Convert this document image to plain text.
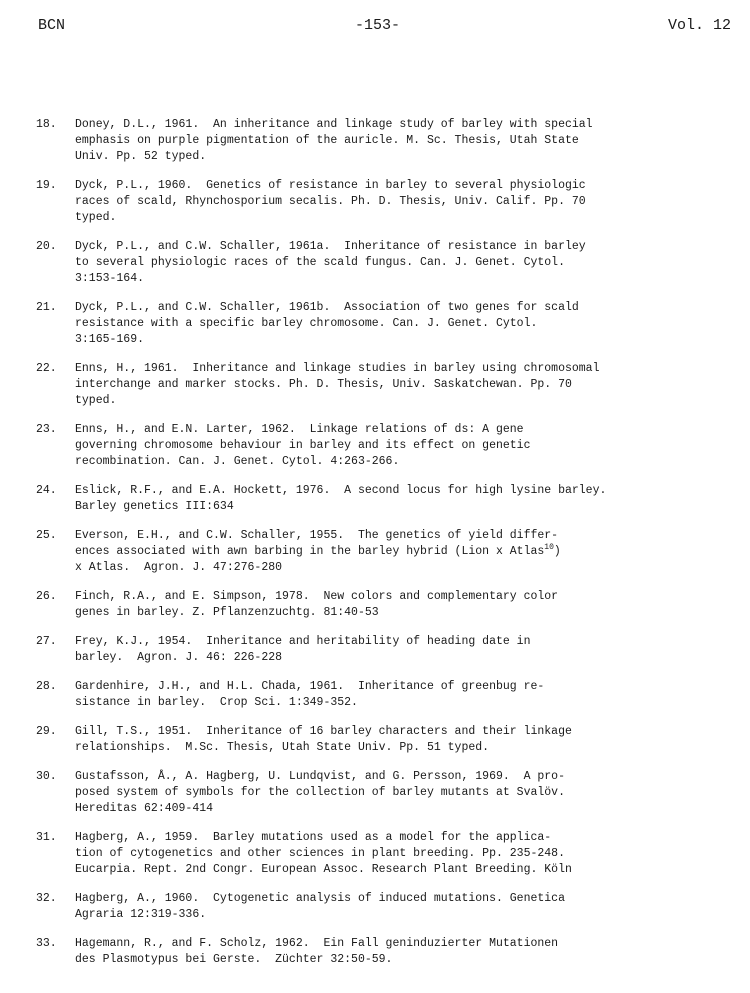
BCN	-153-	Vol. 12
18. Doney, D.L., 1961.  An inheritance and linkage study of barley with special
emphasis on purple pigmentation of the auricle. M. Sc. Thesis, Utah State
Univ. Pp. 52 typed.
19. Dyck, P.L., 1960.  Genetics of resistance in barley to several physiologic
races of scald, Rhynchosporium secalis. Ph. D. Thesis, Univ. Calif. Pp. 70
typed.
20. Dyck, P.L., and C.W. Schaller, 1961a.  Inheritance of resistance in barley
to several physiologic races of the scald fungus. Can. J. Genet. Cytol.
3:153-164.
21. Dyck, P.L., and C.W. Schaller, 1961b.  Association of two genes for scald
resistance with a specific barley chromosome. Can. J. Genet. Cytol.
3:165-169.
22. Enns, H., 1961.  Inheritance and linkage studies in barley using chromosomal
interchange and marker stocks. Ph. D. Thesis, Univ. Saskatchewan. Pp. 70
typed.
23. Enns, H., and E.N. Larter, 1962.  Linkage relations of ds: A gene
governing chromosome behaviour in barley and its effect on genetic
recombination. Can. J. Genet. Cytol. 4:263-266.
24. Eslick, R.F., and E.A. Hockett, 1976.  A second locus for high lysine barley.
Barley genetics III:634
25. Everson, E.H., and C.W. Schaller, 1955.  The genetics of yield differ-
ences associated with awn barbing in the barley hybrid (Lion x Atlas$^{10}$)
x Atlas.  Agron. J. 47:276-280
26. Finch, R.A., and E. Simpson, 1978.  New colors and complementary color
genes in barley. Z. Pflanzenzuchtg. 81:40-53
27. Frey, K.J., 1954.  Inheritance and heritability of heading date in
barley.  Agron. J. 46: 226-228
28. Gardenhire, J.H., and H.L. Chada, 1961.  Inheritance of greenbug re-
sistance in barley.  Crop Sci. 1:349-352.
29. Gill, T.S., 1951.  Inheritance of 16 barley characters and their linkage
relationships.  M.Sc. Thesis, Utah State Univ. Pp. 51 typed.
30. Gustafsson, Å., A. Hagberg, U. Lundqvist, and G. Persson, 1969.  A pro-
posed system of symbols for the collection of barley mutants at Svalöv.
Hereditas 62:409-414
31. Hagberg, A., 1959.  Barley mutations used as a model for the applica-
tion of cytogenetics and other sciences in plant breeding. Pp. 235-248.
Eucarpia. Rept. 2nd Congr. European Assoc. Research Plant Breeding. Köln
32. Hagberg, A., 1960.  Cytogenetic analysis of induced mutations. Genetica
Agraria 12:319-336.
33. Hagemann, R., and F. Scholz, 1962.  Ein Fall geninduzierter Mutationen
des Plasmotypus bei Gerste.  Züchter 32:50-59.
